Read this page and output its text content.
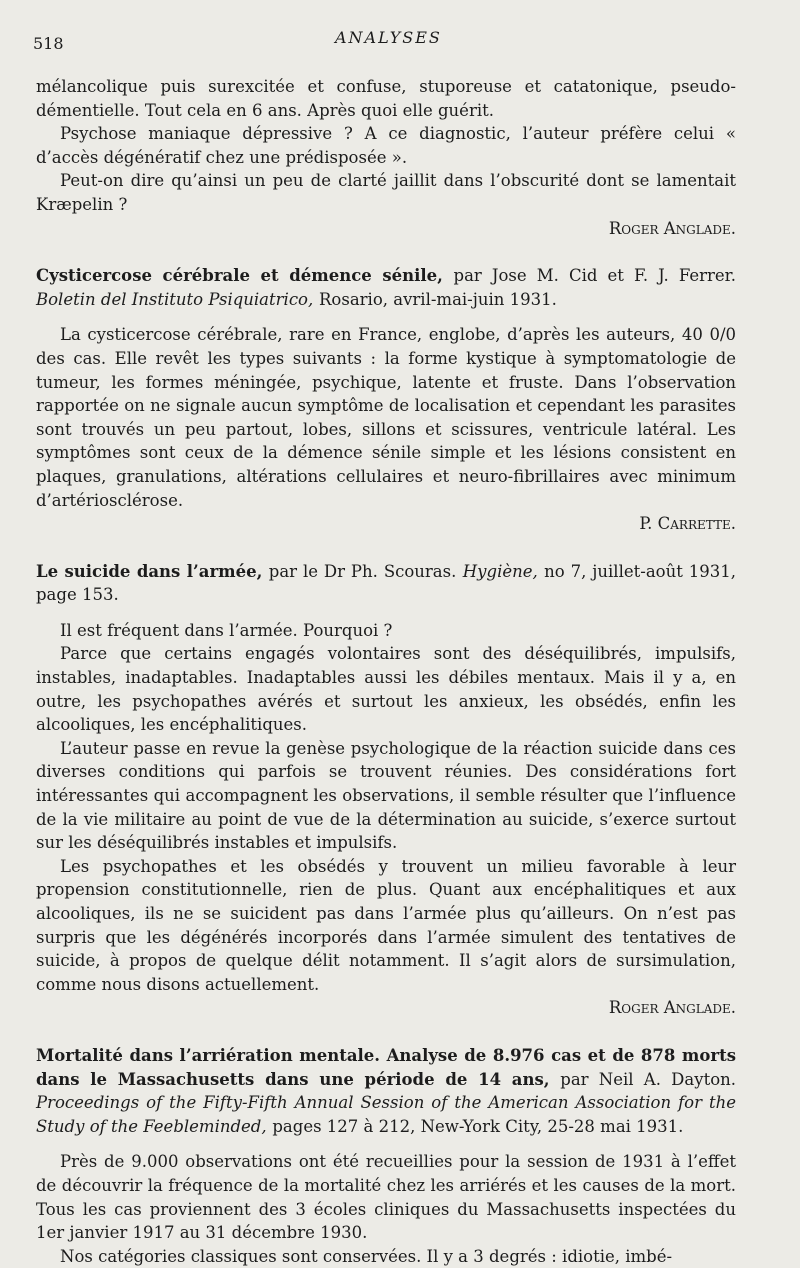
518	ANALYSES

mélancolique puis surexcitée et confuse, stuporeuse et catatonique, pseudo-démentielle. Tout cela en 6 ans. Après quoi elle guérit.

Psychose maniaque dépressive ? A ce diagnostic, l’auteur préfère celui « d’accès dégénératif chez une prédisposée ».

Peut-on dire qu’ainsi un peu de clarté jaillit dans l’obscurité dont se lamentait Kræpelin ?

Roger Anglade.

Cysticercose cérébrale et démence sénile, par Jose M. Cid et F. J. Ferrer. Boletin del Instituto Psiquiatrico, Rosario, avril-mai-juin 1931.

La cysticercose cérébrale, rare en France, englobe, d’après les auteurs, 40 0/0 des cas. Elle revêt les types suivants : la forme kystique à symptomatologie de tumeur, les formes méningée, psychique, latente et fruste. Dans l’observation rapportée on ne signale aucun symptôme de localisation et cependant les parasites sont trouvés un peu partout, lobes, sillons et scissures, ventricule latéral. Les symptômes sont ceux de la démence sénile simple et les lésions consistent en plaques, granulations, altérations cellulaires et neuro-fibrillaires avec minimum d’artériosclérose.

P. Carrette.

Le suicide dans l’armée, par le Dr Ph. Scouras. Hygiène, no 7, juillet-août 1931, page 153.

Il est fréquent dans l’armée. Pourquoi ?

Parce que certains engagés volontaires sont des déséquilibrés, impulsifs, instables, inadaptables. Inadaptables aussi les débiles mentaux. Mais il y a, en outre, les psychopathes avérés et surtout les anxieux, les obsédés, enfin les alcooliques, les encéphalitiques.

L’auteur passe en revue la genèse psychologique de la réaction suicide dans ces diverses conditions qui parfois se trouvent réunies. Des considérations fort intéressantes qui accompagnent les observations, il semble résulter que l’influence de la vie militaire au point de vue de la détermination au suicide, s’exerce surtout sur les déséquilibrés instables et impulsifs.

Les psychopathes et les obsédés y trouvent un milieu favorable à leur propension constitutionnelle, rien de plus. Quant aux encéphalitiques et aux alcooliques, ils ne se suicident pas dans l’armée plus qu’ailleurs. On n’est pas surpris que les dégénérés incorporés dans l’armée simulent des tentatives de suicide, à propos de quelque délit notamment. Il s’agit alors de sursimulation, comme nous disons actuellement.

Roger Anglade.

Mortalité dans l’arriération mentale. Analyse de 8.976 cas et de 878 morts dans le Massachusetts dans une période de 14 ans, par Neil A. Dayton. Proceedings of the Fifty-Fifth Annual Session of the American Association for the Study of the Feebleminded, pages 127 à 212, New-York City, 25-28 mai 1931.

Près de 9.000 observations ont été recueillies pour la session de 1931 à l’effet de découvrir la fréquence de la mortalité chez les arriérés et les causes de la mort. Tous les cas proviennent des 3 écoles cliniques du Massachusetts inspectées du 1er janvier 1917 au 31 décembre 1930.

Nos catégories classiques sont conservées. Il y a 3 degrés : idiotie, imbé-
